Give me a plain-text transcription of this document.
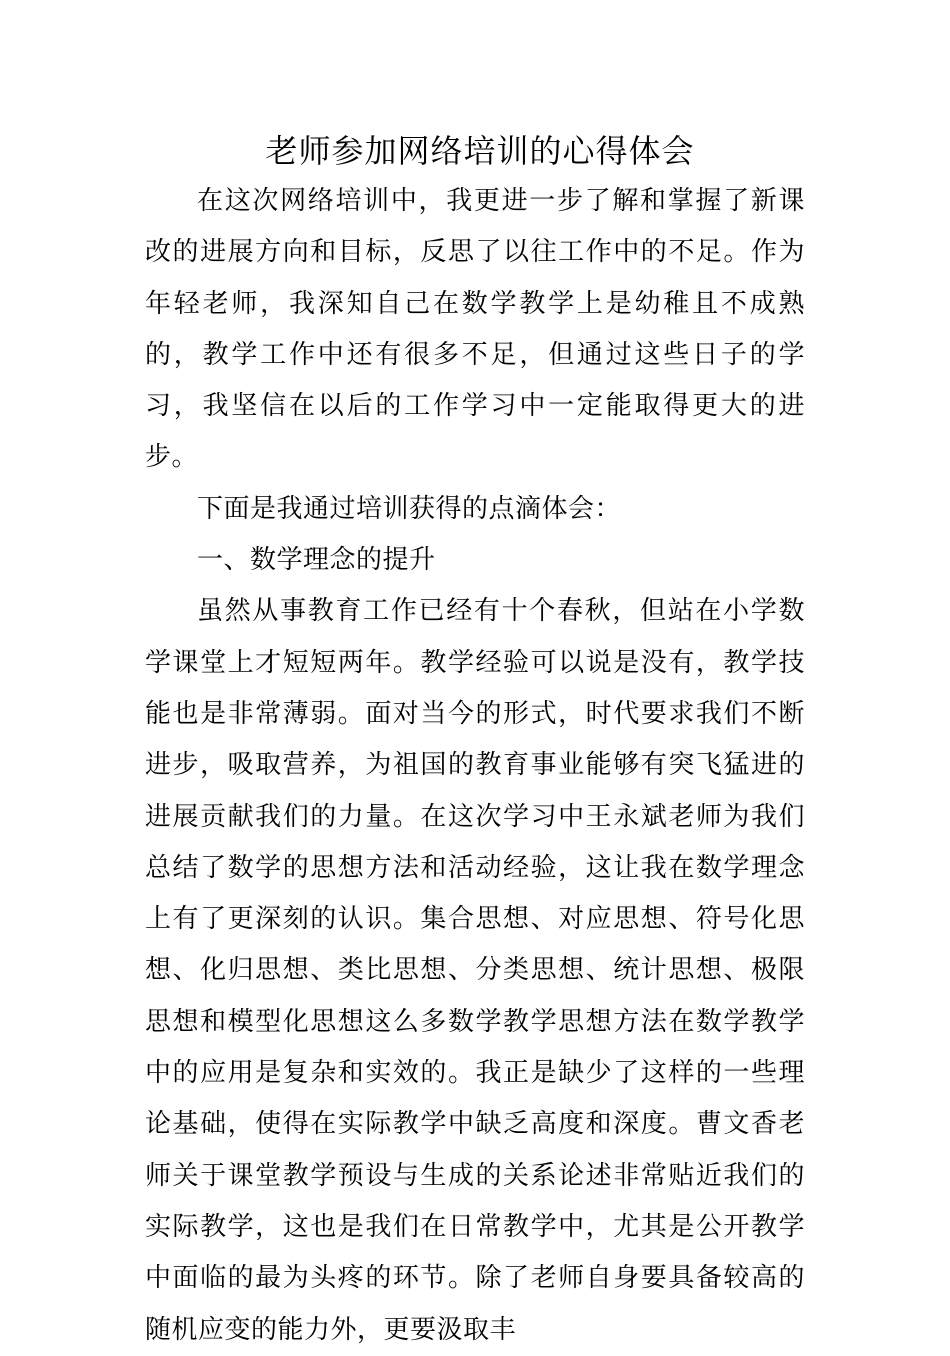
老师参加网络培训的心得体会

在这次网络培训中，我更进一步了解和掌握了新课改的进展方向和目标，反思了以往工作中的不足。作为年轻老师，我深知自己在数学教学上是幼稚且不成熟的，教学工作中还有很多不足，但通过这些日子的学习，我坚信在以后的工作学习中一定能取得更大的进步。

下面是我通过培训获得的点滴体会：

一、数学理念的提升

虽然从事教育工作已经有十个春秋，但站在小学数学课堂上才短短两年。教学经验可以说是没有，教学技能也是非常薄弱。面对当今的形式，时代要求我们不断进步，吸取营养，为祖国的教育事业能够有突飞猛进的进展贡献我们的力量。在这次学习中王永斌老师为我们总结了数学的思想方法和活动经验，这让我在数学理念上有了更深刻的认识。集合思想、对应思想、符号化思想、化归思想、类比思想、分类思想、统计思想、极限思想和模型化思想这么多数学教学思想方法在数学教学中的应用是复杂和实效的。我正是缺少了这样的一些理论基础，使得在实际教学中缺乏高度和深度。曹文香老师关于课堂教学预设与生成的关系论述非常贴近我们的实际教学，这也是我们在日常教学中，尤其是公开教学中面临的最为头疼的环节。除了老师自身要具备较高的随机应变的能力外，更要汲取丰
